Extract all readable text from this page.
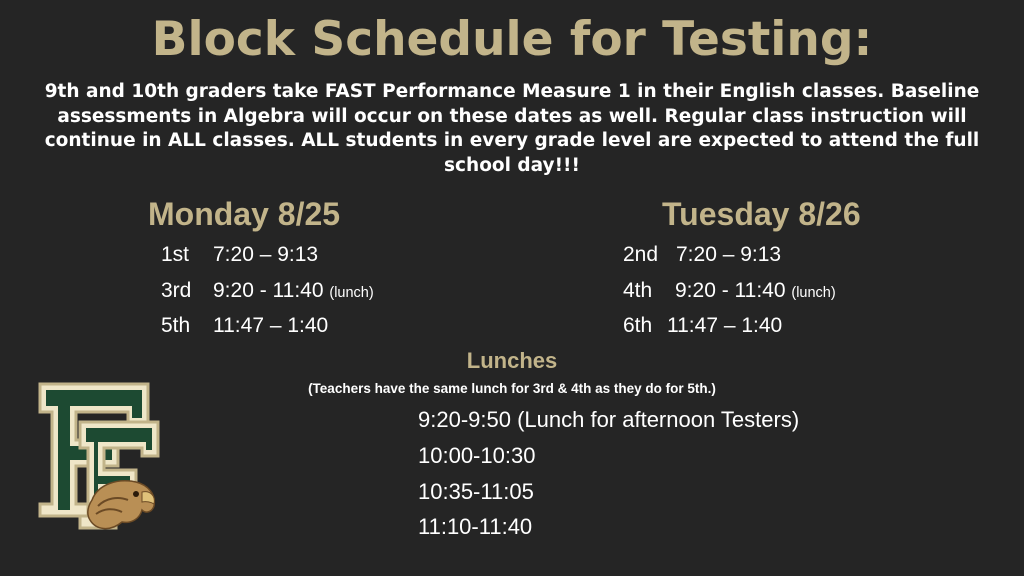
Block Schedule for Testing:
9th and 10th graders take FAST Performance Measure 1 in their English classes. Baseline
assessments in Algebra will occur on these dates as well. Regular class instruction will
continue in ALL classes. ALL students in every grade level are expected to attend the full
school day!!!
Monday 8/25
1st 7:20 – 9:13
3rd 9:20 - 11:40 (lunch)
5th 11:47 – 1:40
Tuesday 8/26
2nd 7:20 – 9:13
4th 9:20 - 11:40 (lunch)
6th 11:47 – 1:40
Lunches
(Teachers have the same lunch for 3rd & 4th as they do for 5th.)
9:20-9:50 (Lunch for afternoon Testers)
10:00-10:30
10:35-11:05
11:10-11:40
